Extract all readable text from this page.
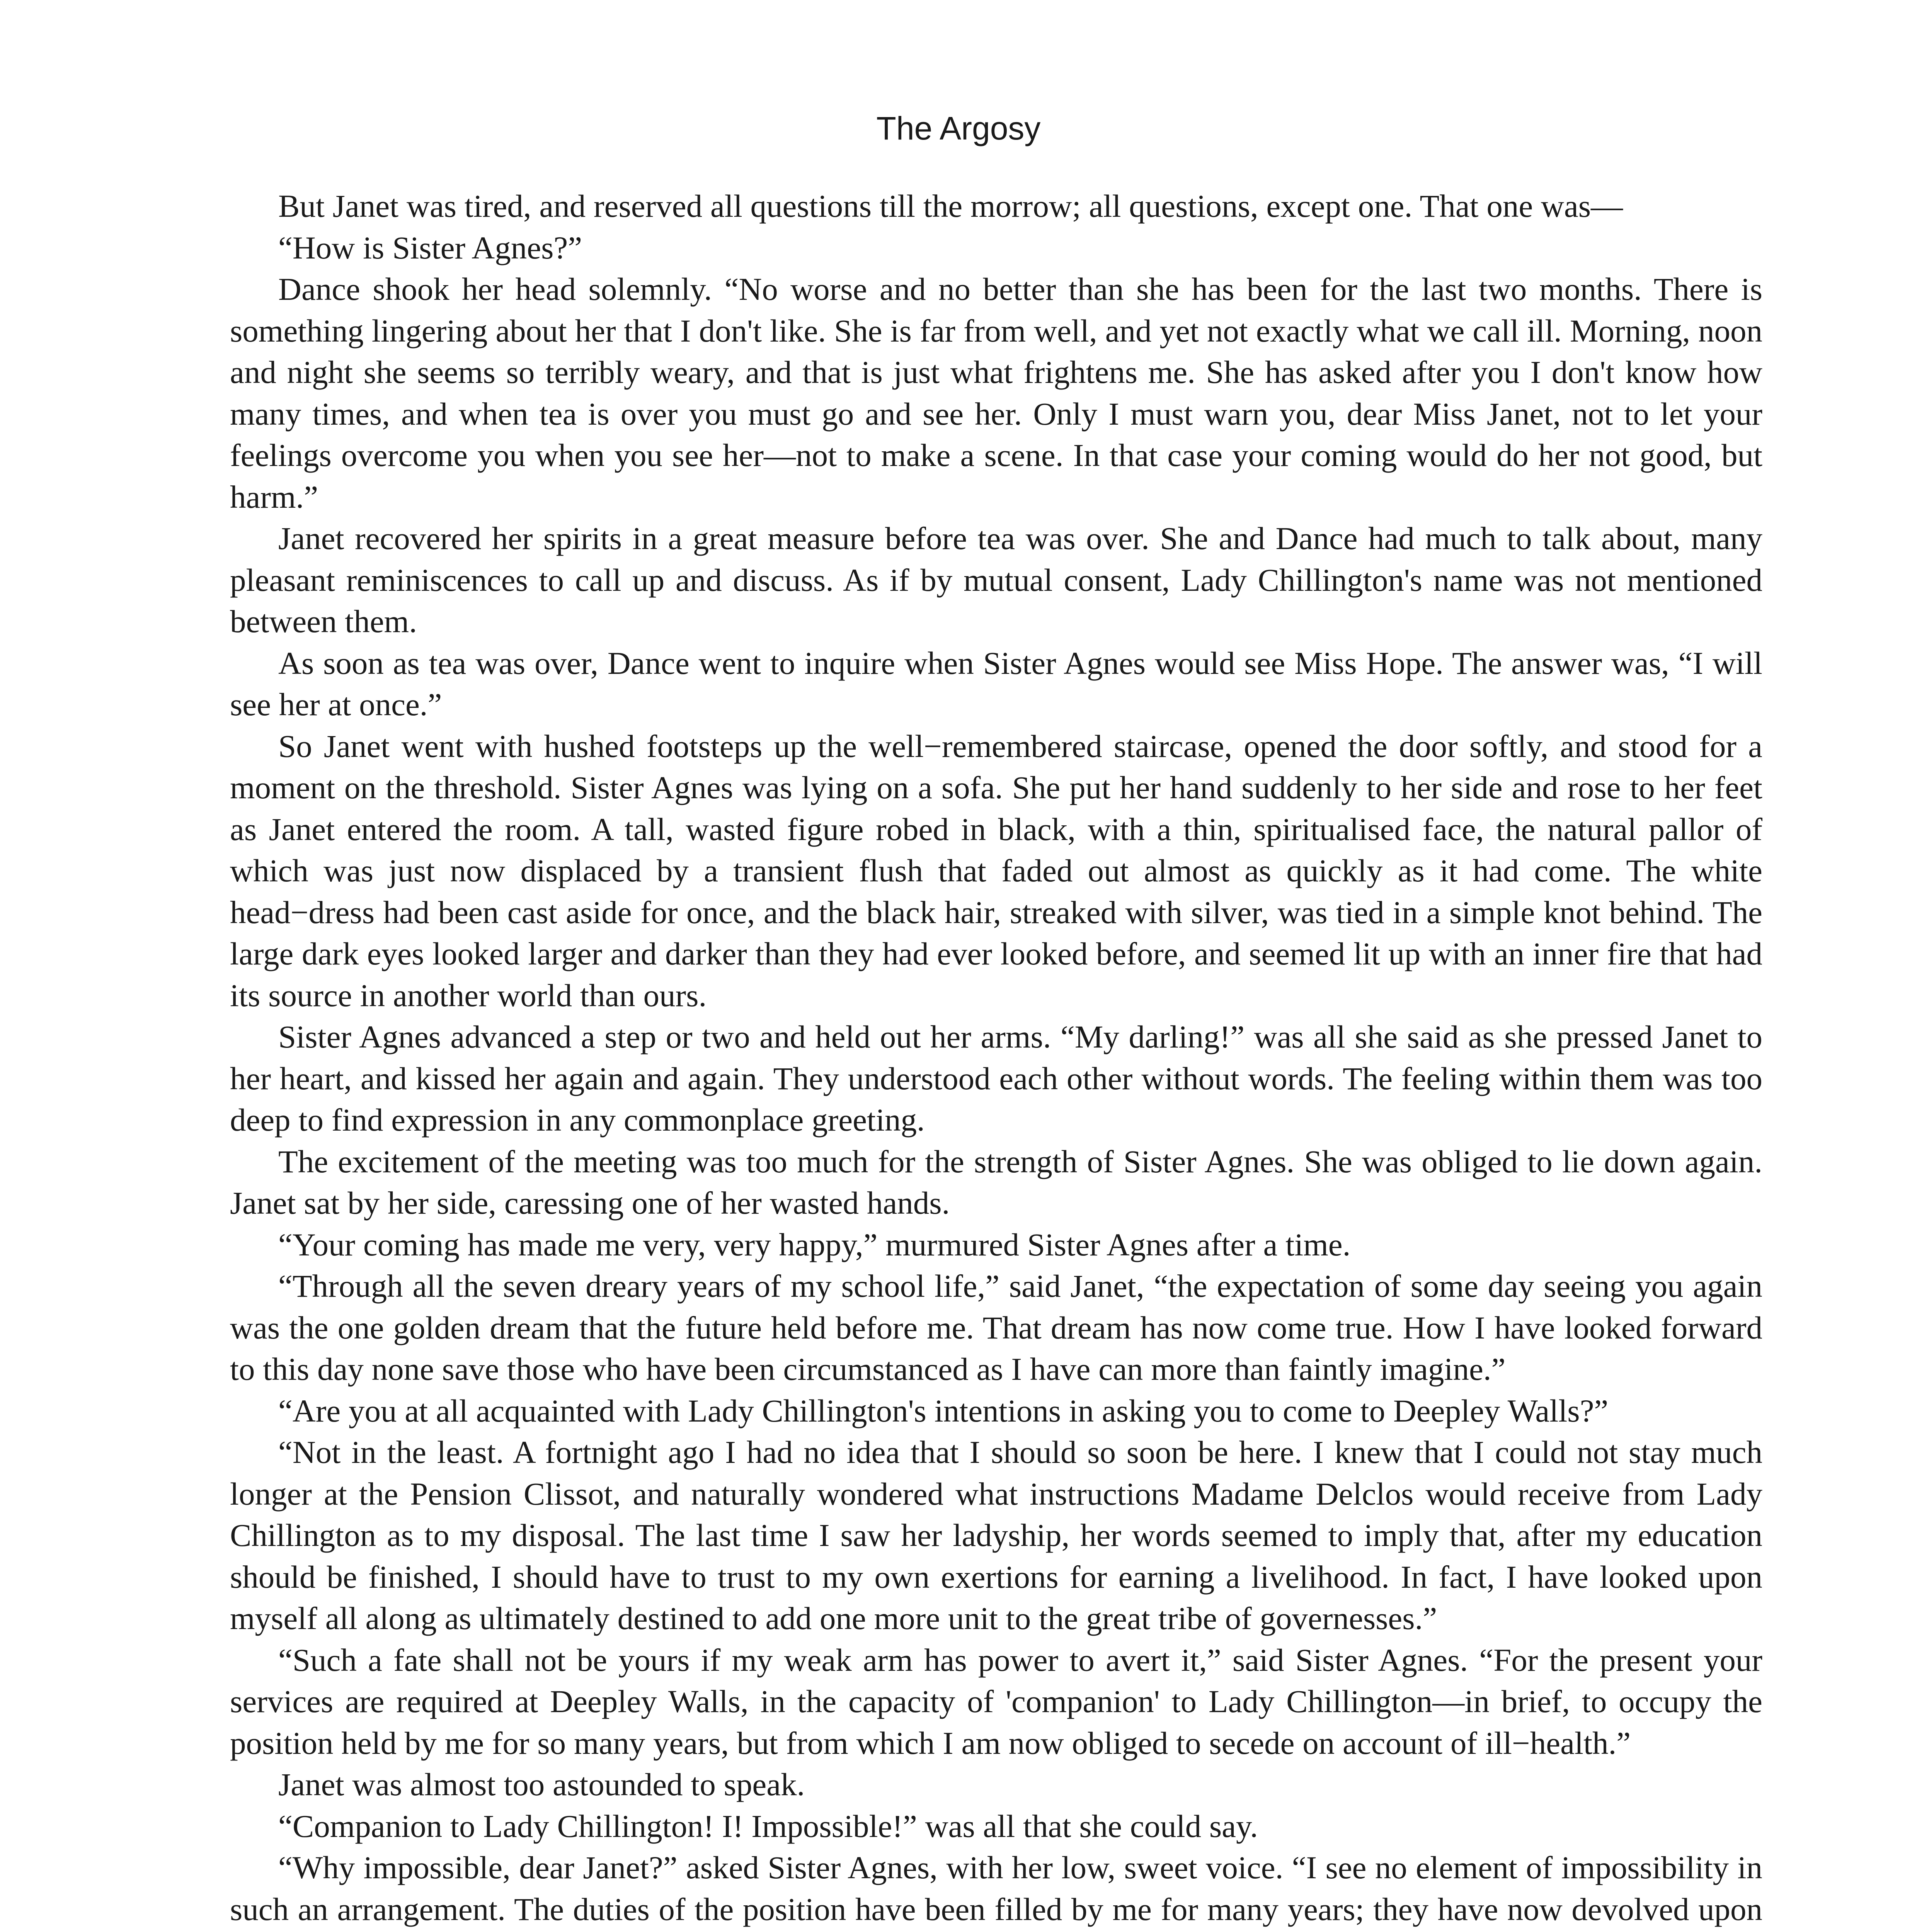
The Argosy

But Janet was tired, and reserved all questions till the morrow; all questions, except one. That one was—

“How is Sister Agnes?”

Dance shook her head solemnly. “No worse and no better than she has been for the last two months. There is something lingering about her that I don't like. She is far from well, and yet not exactly what we call ill. Morning, noon and night she seems so terribly weary, and that is just what frightens me. She has asked after you I don't know how many times, and when tea is over you must go and see her. Only I must warn you, dear Miss Janet, not to let your feelings overcome you when you see her—not to make a scene. In that case your coming would do her not good, but harm.”

Janet recovered her spirits in a great measure before tea was over. She and Dance had much to talk about, many pleasant reminiscences to call up and discuss. As if by mutual consent, Lady Chillington's name was not mentioned between them.

As soon as tea was over, Dance went to inquire when Sister Agnes would see Miss Hope. The answer was, “I will see her at once.”

So Janet went with hushed footsteps up the well−remembered staircase, opened the door softly, and stood for a moment on the threshold. Sister Agnes was lying on a sofa. She put her hand suddenly to her side and rose to her feet as Janet entered the room. A tall, wasted figure robed in black, with a thin, spiritualised face, the natural pallor of which was just now displaced by a transient flush that faded out almost as quickly as it had come. The white head−dress had been cast aside for once, and the black hair, streaked with silver, was tied in a simple knot behind. The large dark eyes looked larger and darker than they had ever looked before, and seemed lit up with an inner fire that had its source in another world than ours.

Sister Agnes advanced a step or two and held out her arms. “My darling!” was all she said as she pressed Janet to her heart, and kissed her again and again. They understood each other without words. The feeling within them was too deep to find expression in any commonplace greeting.

The excitement of the meeting was too much for the strength of Sister Agnes. She was obliged to lie down again. Janet sat by her side, caressing one of her wasted hands.

“Your coming has made me very, very happy,” murmured Sister Agnes after a time.

“Through all the seven dreary years of my school life,” said Janet, “the expectation of some day seeing you again was the one golden dream that the future held before me. That dream has now come true. How I have looked forward to this day none save those who have been circumstanced as I have can more than faintly imagine.”

“Are you at all acquainted with Lady Chillington's intentions in asking you to come to Deepley Walls?”

“Not in the least. A fortnight ago I had no idea that I should so soon be here. I knew that I could not stay much longer at the Pension Clissot, and naturally wondered what instructions Madame Delclos would receive from Lady Chillington as to my disposal. The last time I saw her ladyship, her words seemed to imply that, after my education should be finished, I should have to trust to my own exertions for earning a livelihood. In fact, I have looked upon myself all along as ultimately destined to add one more unit to the great tribe of governesses.”

“Such a fate shall not be yours if my weak arm has power to avert it,” said Sister Agnes. “For the present your services are required at Deepley Walls, in the capacity of 'companion' to Lady Chillington—in brief, to occupy the position held by me for so many years, but from which I am now obliged to secede on account of ill−health.”

Janet was almost too astounded to speak.

“Companion to Lady Chillington! I! Impossible!” was all that she could say.

“Why impossible, dear Janet?” asked Sister Agnes, with her low, sweet voice. “I see no element of impossibility in such an arrangement. The duties of the position have been filled by me for many years; they have now devolved upon
